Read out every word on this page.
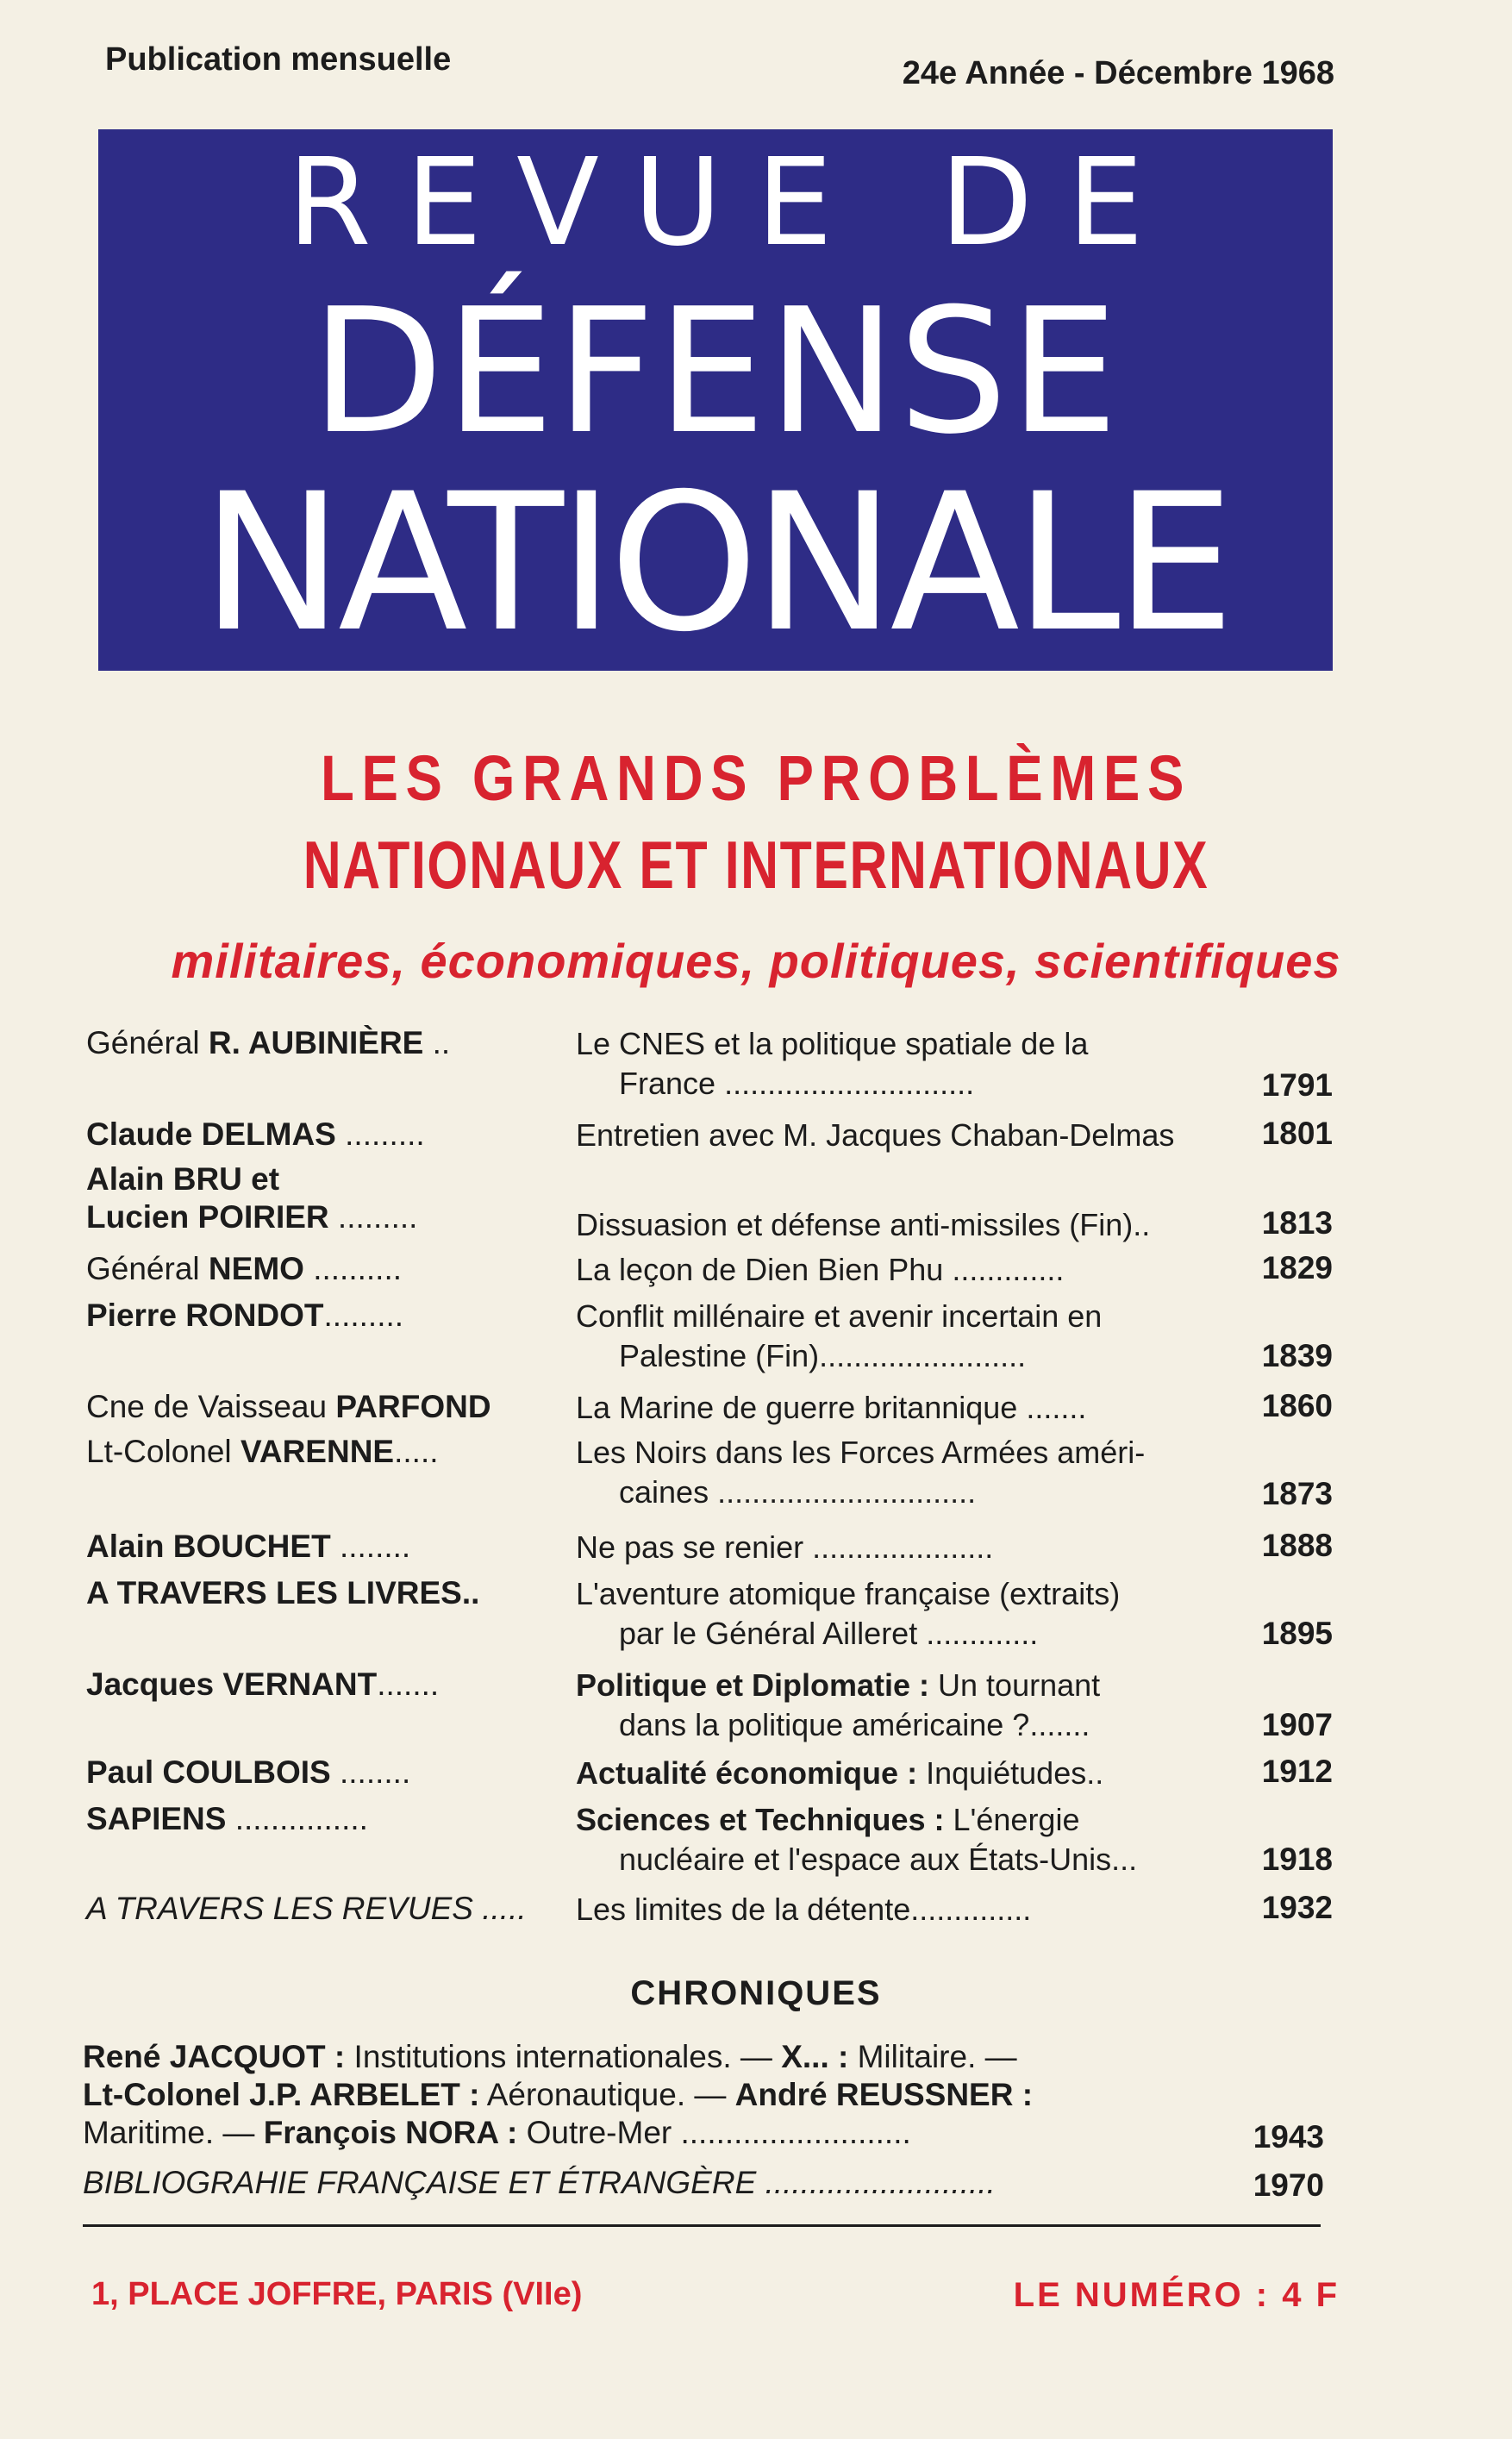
Publication mensuelle	24e Année - Décembre 1968
REVUE DE
DÉFENSE
NATIONALE
LES GRANDS PROBLÈMES
NATIONAUX ET INTERNATIONAUX
militaires, économiques, politiques, scientifiques
Général R. AUBINIÈRE ..	Le CNES et la politique spatiale de la
France .............................	1791
Claude DELMAS .........	Entretien avec M. Jacques Chaban-Delmas	1801
Alain BRU et
Lucien POIRIER .........	Dissuasion et défense anti-missiles (Fin)..	1813
Général NEMO ..........	La leçon de Dien Bien Phu .............	1829
Pierre RONDOT.........	Conflit millénaire et avenir incertain en
Palestine (Fin)........................	1839
Cne de Vaisseau PARFOND	La Marine de guerre britannique .......	1860
Lt-Colonel VARENNE.....	Les Noirs dans les Forces Armées améri-
caines ..............................	1873
Alain BOUCHET ........	Ne pas se renier .....................	1888
A TRAVERS LES LIVRES..	L'aventure atomique française (extraits)
par le Général Ailleret .............	1895
Jacques VERNANT.......	Politique et Diplomatie : Un tournant
dans la politique américaine ?.......	1907
Paul COULBOIS ........	Actualité économique : Inquiétudes..	1912
SAPIENS ...............	Sciences et Techniques : L'énergie
nucléaire et l'espace aux États-Unis...	1918
A TRAVERS LES REVUES .....	Les limites de la détente..............	1932
CHRONIQUES
René JACQUOT : Institutions internationales. — X... : Militaire. —
Lt-Colonel J.P. ARBELET : Aéronautique. — André REUSSNER :
Maritime. — François NORA : Outre-Mer ..........................	1943
BIBLIOGRAHIE FRANÇAISE ET ÉTRANGÈRE ..........................	1970
1, PLACE JOFFRE, PARIS (VIIe)	LE NUMÉRO : 4 F
